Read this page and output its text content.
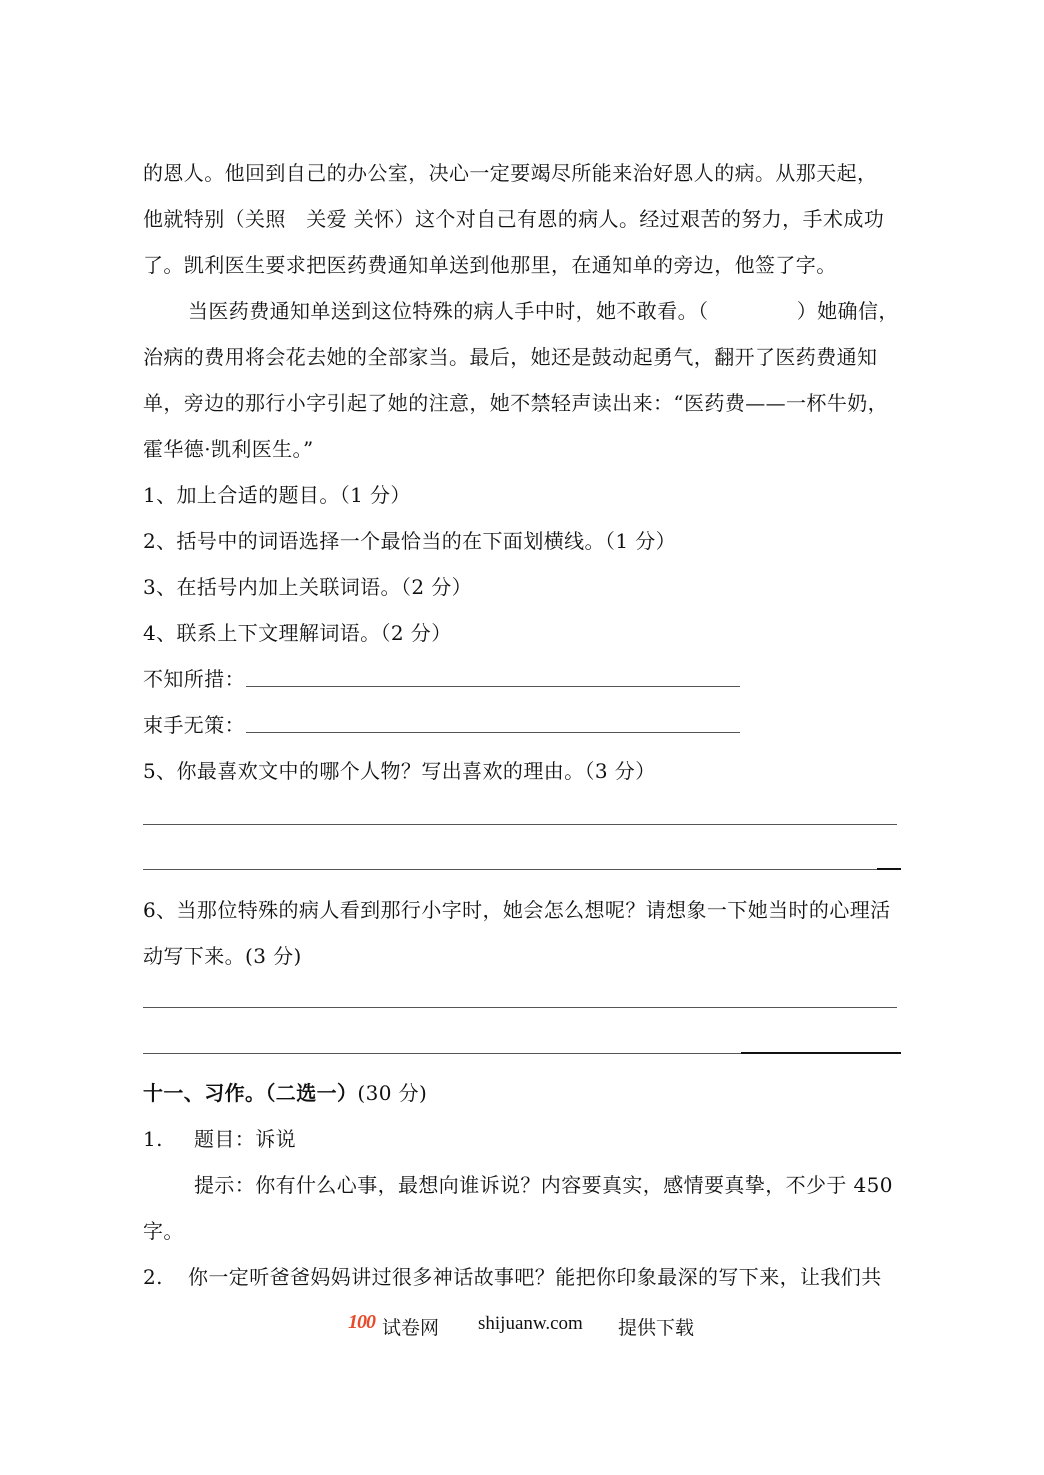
的恩人。他回到自己的办公室，决心一定要竭尽所能来治好恩人的病。从那天起，
他就特别（关照　关爱 关怀）这个对自己有恩的病人。经过艰苦的努力，手术成功
了。凯利医生要求把医药费通知单送到他那里，在通知单的旁边，他签了字。
当医药费通知单送到这位特殊的病人手中时，她不敢看。（　　　　 ）她确信，
治病的费用将会花去她的全部家当。最后，她还是鼓动起勇气，翻开了医药费通知
单，旁边的那行小字引起了她的注意，她不禁轻声读出来：“医药费——一杯牛奶，
霍华德·凯利医生。”
1、加上合适的题目。（1 分）
2、括号中的词语选择一个最恰当的在下面划横线。（1 分）
3、在括号内加上关联词语。（2 分）
4、联系上下文理解词语。（2 分）
不知所措：
束手无策：
5、你最喜欢文中的哪个人物？写出喜欢的理由。（3 分）
6、当那位特殊的病人看到那行小字时，她会怎么想呢？请想象一下她当时的心理活
动写下来。(3 分)
十一、习作。（二选一）(30 分)
1.	题目：诉说
提示：你有什么心事，最想向谁诉说？内容要真实，感情要真挚，不少于 450
字。
2.	你一定听爸爸妈妈讲过很多神话故事吧？能把你印象最深的写下来，让我们共
100 试卷网 shijuanw.com 提供下载
